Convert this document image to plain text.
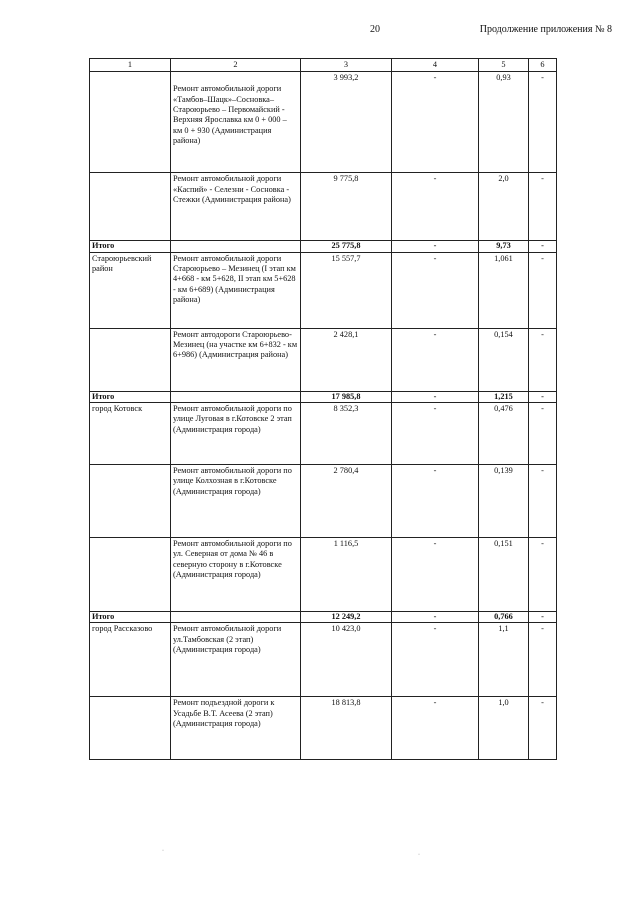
20	Продолжение приложения № 8
1	2	3	4	5	6
	Ремонт автомобильной дороги «Тамбов–Шацк»–Сосновка–Староюрьево – Первомайский - Верхняя Ярославка км 0 + 000 – км 0 + 930 (Администрация района)	3 993,2	-	0,93	-
	Ремонт автомобильной дороги «Каспий» - Селезни - Сосновка - Стежки (Администрация района)	9 775,8	-	2,0	-
Итого		25 775,8	-	9,73	-
Староюрьевский район	Ремонт автомобильной дороги Староюрьево – Мезинец (I этап км 4+668 - км 5+628, II этап км 5+628 - км 6+689) (Администрация района)	15 557,7	-	1,061	-
	Ремонт автодороги Староюрьево-Мезинец (на участке км 6+832 - км 6+986) (Администрация района)	2 428,1	-	0,154	-
Итого		17 985,8	-	1,215	-
город Котовск	Ремонт автомобильной дороги по улице Луговая в г.Котовске 2 этап (Администрация города)	8 352,3	-	0,476	-
	Ремонт автомобильной дороги по улице Колхозная в г.Котовске (Администрация города)	2 780,4	-	0,139	-
	Ремонт автомобильной дороги по ул. Северная от дома № 46 в северную сторону в г.Котовске (Администрация города)	1 116,5	-	0,151	-
Итого		12 249,2	-	0,766	-
город Рассказово	Ремонт автомобильной дороги ул.Тамбовская (2 этап) (Администрация города)	10 423,0	-	1,1	-
	Ремонт подъездной дороги к Усадьбе В.Т. Асеева (2 этап) (Администрация города)	18 813,8	-	1,0	-
·
·
